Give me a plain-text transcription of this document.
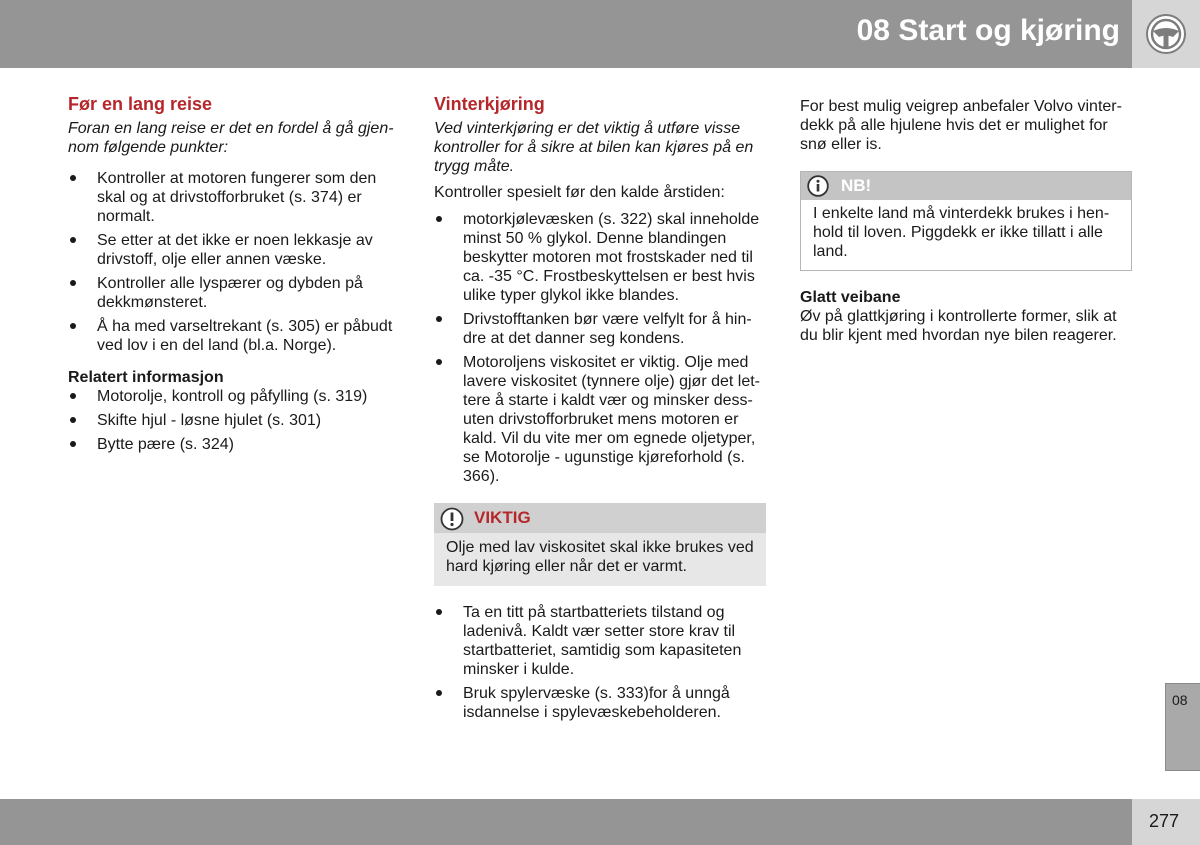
08 Start og kjøring
Før en lang reise

Foran en lang reise er det en fordel å gå gjen-nom følgende punkter:

Kontroller at motoren fungerer som den skal og at drivstofforbruket (s. 374) er normalt.
Se etter at det ikke er noen lekkasje av drivstoff, olje eller annen væske.
Kontroller alle lyspærer og dybden på dekkmønsteret.
Å ha med varseltrekant (s. 305) er påbudt ved lov i en del land (bl.a. Norge).
Relatert informasjon
Motorolje, kontroll og påfylling (s. 319)
Skifte hjul - løsne hjulet (s. 301)
Bytte pære (s. 324)
Vinterkjøring

Ved vinterkjøring er det viktig å utføre visse kontroller for å sikre at bilen kan kjøres på en trygg måte.

Kontroller spesielt før den kalde årstiden:

motorkjølevæsken (s. 322) skal inneholde minst 50 % glykol. Denne blandingen beskytter motoren mot frostskader ned til ca. -35 °C. Frostbeskyttelsen er best hvis ulike typer glykol ikke blandes.
Drivstofftanken bør være velfylt for å hin-dre at det danner seg kondens.
Motoroljens viskositet er viktig. Olje med lavere viskositet (tynnere olje) gjør det let-tere å starte i kaldt vær og minsker dess-uten drivstofforbruket mens motoren er kald. Vil du vite mer om egnede oljetyper, se Motorolje - ugunstige kjøreforhold (s. 366).
VIKTIG
Olje med lav viskositet skal ikke brukes ved hard kjøring eller når det er varmt.
Ta en titt på startbatteriets tilstand og ladenivå. Kaldt vær setter store krav til startbatteriet, samtidig som kapasiteten minsker i kulde.
Bruk spylervæske (s. 333)for å unngå isdannelse i spylevæskebeholderen.

For best mulig veigrep anbefaler Volvo vinter-dekk på alle hjulene hvis det er mulighet for snø eller is.

NB!
I enkelte land må vinterdekk brukes i hen-hold til loven. Piggdekk er ikke tillatt i alle land.
Glatt veibane

Øv på glattkjøring i kontrollerte former, slik at du blir kjent med hvordan nye bilen reagerer.

08
277
